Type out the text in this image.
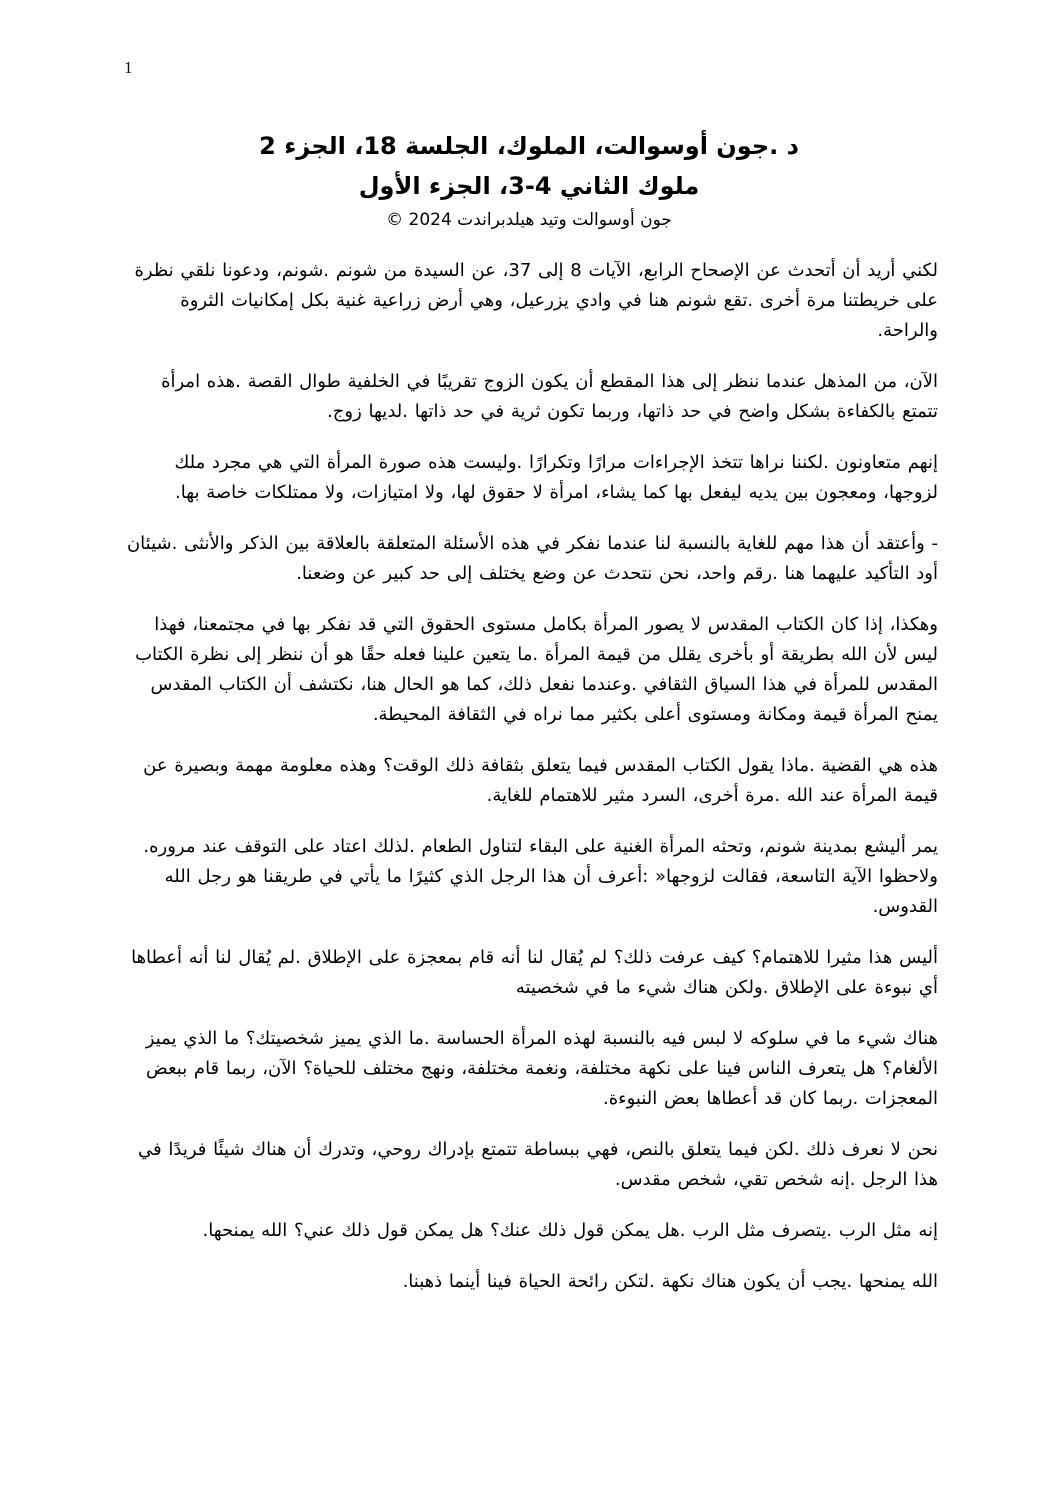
1
د .جون أوسوالت، الملوك، الجلسة 18، الجزء 2
ملوك الثاني 4-3، الجزء الأول
جون أوسوالت وتيد هيلدبراندت 2024 ©

لكني أريد أن أتحدث عن الإصحاح الرابع، الآيات 8 إلى 37، عن السيدة من شونم .شونم، ودعونا نلقي نظرة على خريطتنا مرة أخرى .تقع شونم هنا في وادي يزرعيل، وهي أرض زراعية غنية بكل إمكانيات الثروة والراحة.

الآن، من المذهل عندما ننظر إلى هذا المقطع أن يكون الزوج تقريبًا في الخلفية طوال القصة .هذه امرأة تتمتع بالكفاءة بشكل واضح في حد ذاتها، وربما تكون ثرية في حد ذاتها .لديها زوج.

إنهم متعاونون .لكننا نراها تتخذ الإجراءات مرارًا وتكرارًا .وليست هذه صورة المرأة التي هي مجرد ملك لزوجها، ومعجون بين يديه ليفعل بها كما يشاء، امرأة لا حقوق لها، ولا امتيازات، ولا ممتلكات خاصة بها.

- وأعتقد أن هذا مهم للغاية بالنسبة لنا عندما نفكر في هذه الأسئلة المتعلقة بالعلاقة بين الذكر والأنثى .شيئان أود التأكيد عليهما هنا .رقم واحد، نحن نتحدث عن وضع يختلف إلى حد كبير عن وضعنا.

وهكذا، إذا كان الكتاب المقدس لا يصور المرأة بكامل مستوى الحقوق التي قد نفكر بها في مجتمعنا، فهذا ليس لأن الله بطريقة أو بأخرى يقلل من قيمة المرأة .ما يتعين علينا فعله حقًا هو أن ننظر إلى نظرة الكتاب المقدس للمرأة في هذا السياق الثقافي .وعندما نفعل ذلك، كما هو الحال هنا، نكتشف أن الكتاب المقدس يمنح المرأة قيمة ومكانة ومستوى أعلى بكثير مما نراه في الثقافة المحيطة.

هذه هي القضية .ماذا يقول الكتاب المقدس فيما يتعلق بثقافة ذلك الوقت؟ وهذه معلومة مهمة وبصيرة عن قيمة المرأة عند الله .مرة أخرى، السرد مثير للاهتمام للغاية.

يمر أليشع بمدينة شونم، وتحثه المرأة الغنية على البقاء لتناول الطعام .لذلك اعتاد على التوقف عند مروره. ولاحظوا الآية التاسعة، فقالت لزوجها« :أعرف أن هذا الرجل الذي كثيرًا ما يأتي في طريقنا هو رجل الله القدوس.

أليس هذا مثيرا للاهتمام؟ كيف عرفت ذلك؟ لم يُقال لنا أنه قام بمعجزة على الإطلاق .لم يُقال لنا أنه أعطاها أي نبوءة على الإطلاق .ولكن هناك شيء ما في شخصيته

هناك شيء ما في سلوكه لا لبس فيه بالنسبة لهذه المرأة الحساسة .ما الذي يميز شخصيتك؟ ما الذي يميز الألغام؟ هل يتعرف الناس فينا على نكهة مختلفة، ونغمة مختلفة، ونهج مختلف للحياة؟ الآن، ربما قام ببعض المعجزات .ربما كان قد أعطاها بعض النبوءة.

نحن لا نعرف ذلك .لكن فيما يتعلق بالنص، فهي ببساطة تتمتع بإدراك روحي، وتدرك أن هناك شيئًا فريدًا في هذا الرجل .إنه شخص تقي، شخص مقدس.

إنه مثل الرب .يتصرف مثل الرب .هل يمكن قول ذلك عنك؟ هل يمكن قول ذلك عني؟ الله يمنحها.

الله يمنحها .يجب أن يكون هناك نكهة .لتكن رائحة الحياة فينا أينما ذهبنا.
